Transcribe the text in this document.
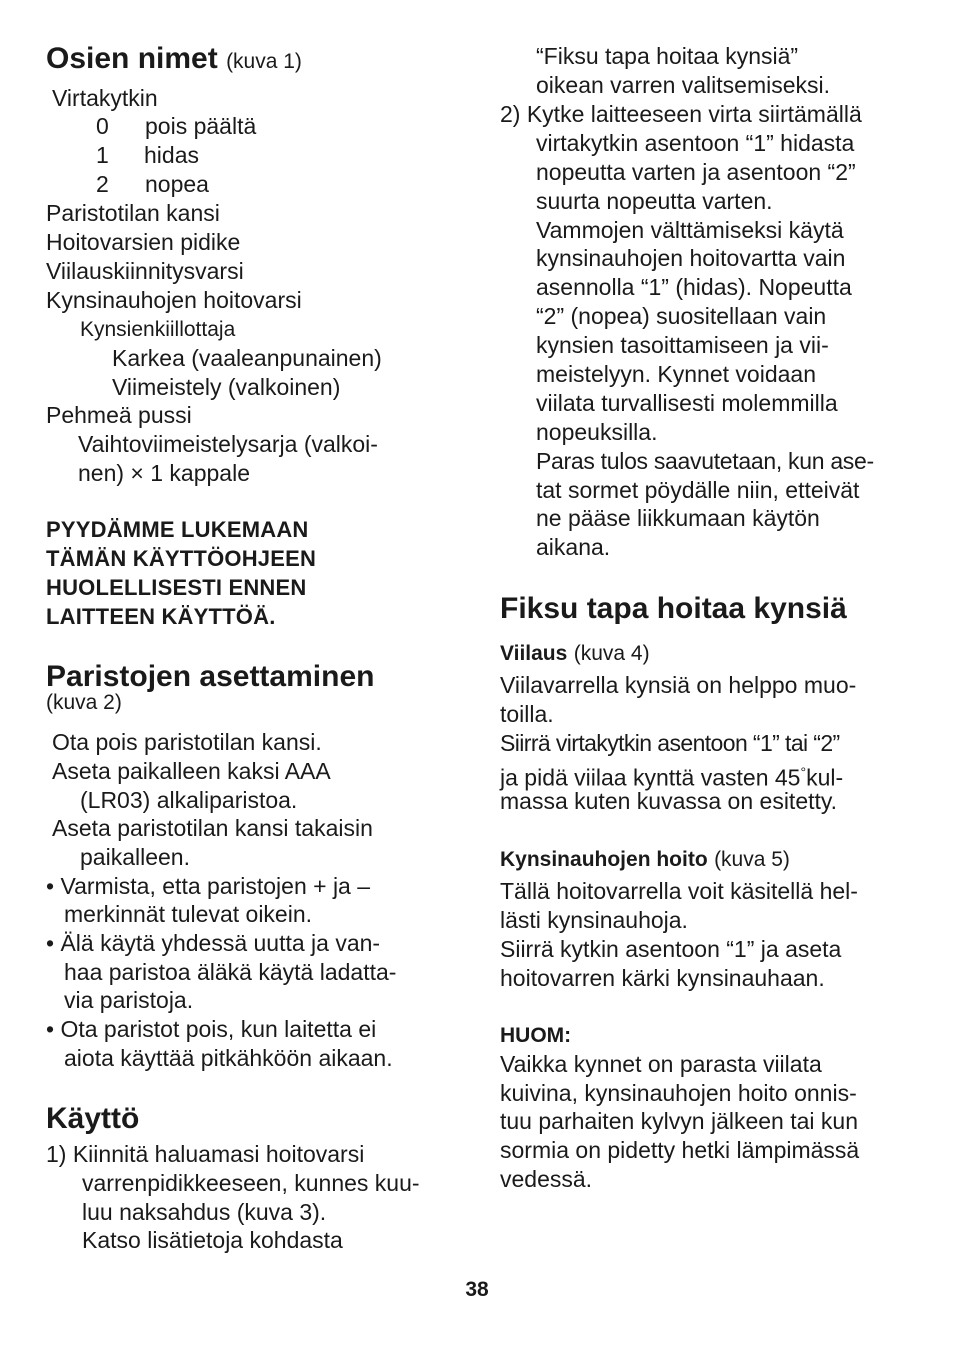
Osien nimet (kuva 1)
Virtakytkin
0 pois päältä
1 hidas
2 nopea
Paristotilan kansi
Hoitovarsien pidike
Viilauskiinnitysvarsi
Kynsinauhojen hoitovarsi
Kynsienkiillottaja
Karkea (vaaleanpunainen)
Viimeistely (valkoinen)
Pehmeä pussi
Vaihtoviimeistelysarja (valkoi-
nen) × 1 kappale
PYYDÄMME LUKEMAAN
TÄMÄN KÄYTTÖOHJEEN
HUOLELLISESTI ENNEN
LAITTEEN KÄYTTÖÄ.
Paristojen asettaminen
(kuva 2)
Ota pois paristotilan kansi.
Aseta paikalleen kaksi AAA
(LR03) alkaliparistoa.
Aseta paristotilan kansi takaisin
paikalleen.
• Varmista, etta paristojen + ja –
merkinnät tulevat oikein.
• Älä käytä yhdessä uutta ja van-
haa paristoa äläkä käytä ladatta-
via paristoja.
• Ota paristot pois, kun laitetta ei
aiota käyttää pitkähköön aikaan.
Käyttö
1) Kiinnitä haluamasi hoitovarsi
varrenpidikkeeseen, kunnes kuu-
luu naksahdus (kuva 3).
Katso lisätietoja kohdasta
“Fiksu tapa hoitaa kynsiä”
oikean varren valitsemiseksi.
2) Kytke laitteeseen virta siirtämällä
virtakytkin asentoon “1” hidasta
nopeutta varten ja asentoon “2”
suurta nopeutta varten.
Vammojen välttämiseksi käytä
kynsinauhojen hoitovartta vain
asennolla “1” (hidas). Nopeutta
“2” (nopea) suositellaan vain
kynsien tasoittamiseen ja vii-
meistelyyn. Kynnet voidaan
viilata turvallisesti molemmilla
nopeuksilla.
Paras tulos saavutetaan, kun ase-
tat sormet pöydälle niin, etteivät
ne pääse liikkumaan käytön
aikana.
Fiksu tapa hoitaa kynsiä
Viilaus (kuva 4)
Viilavarrella kynsiä on helppo muo-
toilla.
Siirrä virtakytkin asentoon “1” tai “2”
ja pidä viilaa kynttä vasten 45°kul-
massa kuten kuvassa on esitetty.
Kynsinauhojen hoito (kuva 5)
Tällä hoitovarrella voit käsitellä hel-
lästi kynsinauhoja.
Siirrä kytkin asentoon “1” ja aseta
hoitovarren kärki kynsinauhaan.
HUOM:
Vaikka kynnet on parasta viilata
kuivina, kynsinauhojen hoito onnis-
tuu parhaiten kylvyn jälkeen tai kun
sormia on pidetty hetki lämpimässä
vedessä.
38
